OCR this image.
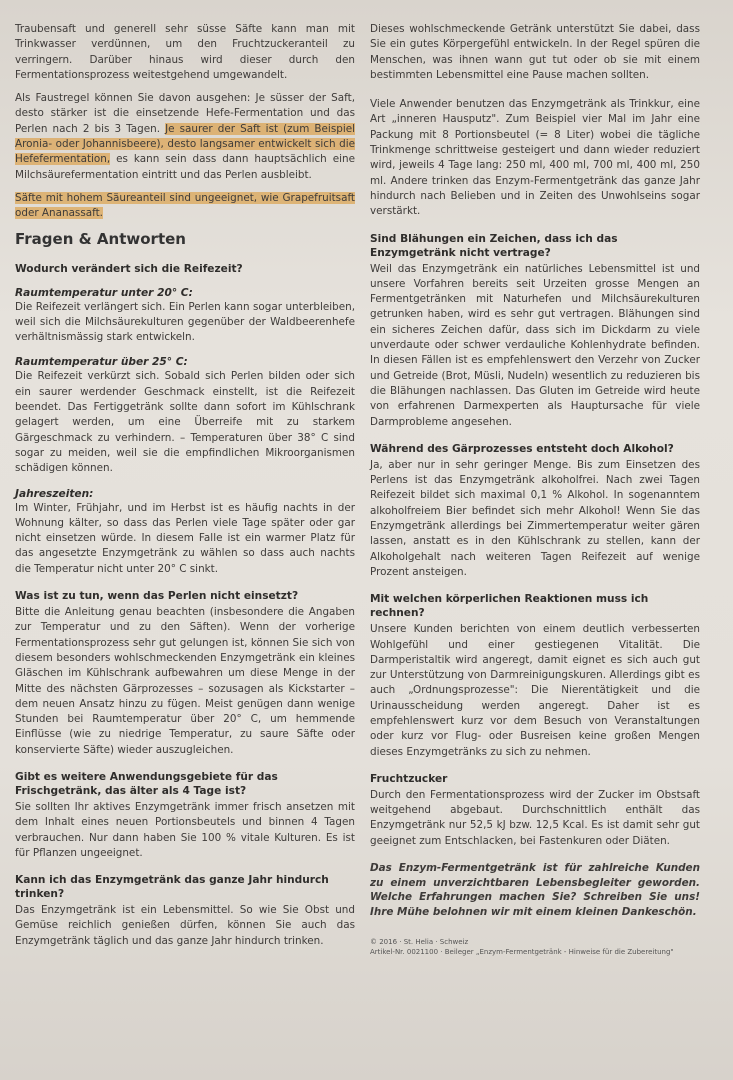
Traubensaft und generell sehr süsse Säfte kann man mit Trinkwasser verdünnen, um den Fruchtzuckeranteil zu verringern. Darüber hinaus wird dieser durch den Fermentationsprozess weitestgehend umgewandelt.

Als Faustregel können Sie davon ausgehen: Je süsser der Saft, desto stärker ist die einsetzende Hefe-Fermentation und das Perlen nach 2 bis 3 Tagen. Je saurer der Saft ist (zum Beispiel Aronia- oder Johannisbeere), desto langsamer entwickelt sich die Hefefermentation, es kann sein dass dann hauptsächlich eine Milchsäurefermentation eintritt und das Perlen ausbleibt.

Säfte mit hohem Säureanteil sind ungeeignet, wie Grapefruitsaft oder Ananassaft.

Fragen & Antworten
Wodurch verändert sich die Reifezeit?
Raumtemperatur unter 20° C:

Die Reifezeit verlängert sich. Ein Perlen kann sogar unterbleiben, weil sich die Milchsäurekulturen gegenüber der Waldbeerenhefe verhältnismässig stark entwickeln.

Raumtemperatur über 25° C:

Die Reifezeit verkürzt sich. Sobald sich Perlen bilden oder sich ein saurer werdender Geschmack einstellt, ist die Reifezeit beendet. Das Fertiggetränk sollte dann sofort im Kühlschrank gelagert werden, um eine Überreife mit zu starkem Gärgeschmack zu verhindern. – Temperaturen über 38° C sind sogar zu meiden, weil sie die empfindlichen Mikroorganismen schädigen können.

Jahreszeiten:

Im Winter, Frühjahr, und im Herbst ist es häufig nachts in der Wohnung kälter, so dass das Perlen viele Tage später oder gar nicht einsetzen würde. In diesem Falle ist ein warmer Platz für das angesetzte Enzymgetränk zu wählen so dass auch nachts die Temperatur nicht unter 20° C sinkt.

Was ist zu tun, wenn das Perlen nicht einsetzt?

Bitte die Anleitung genau beachten (insbesondere die Angaben zur Temperatur und zu den Säften). Wenn der vorherige Fermentationsprozess sehr gut gelungen ist, können Sie sich von diesem besonders wohlschmeckenden Enzymgetränk ein kleines Gläschen im Kühlschrank aufbewahren um diese Menge in der Mitte des nächsten Gärprozesses – sozusagen als Kickstarter – dem neuen Ansatz hinzu zu fügen. Meist genügen dann wenige Stunden bei Raumtemperatur über 20° C, um hemmende Einflüsse (wie zu niedrige Temperatur, zu saure Säfte oder konservierte Säfte) wieder auszugleichen.

Gibt es weitere Anwendungsgebiete für das Frischgetränk, das älter als 4 Tage ist?

Sie sollten Ihr aktives Enzymgetränk immer frisch ansetzen mit dem Inhalt eines neuen Portionsbeutels und binnen 4 Tagen verbrauchen. Nur dann haben Sie 100 % vitale Kulturen. Es ist für Pflanzen ungeeignet.

Kann ich das Enzymgetränk das ganze Jahr hindurch trinken?

Das Enzymgetränk ist ein Lebensmittel. So wie Sie Obst und Gemüse reichlich genießen dürfen, können Sie auch das Enzymgetränk täglich und das ganze Jahr hindurch trinken.

Dieses wohlschmeckende Getränk unterstützt Sie dabei, dass Sie ein gutes Körpergefühl entwickeln. In der Regel spüren die Menschen, was ihnen wann gut tut oder ob sie mit einem bestimmten Lebensmittel eine Pause machen sollten.

Viele Anwender benutzen das Enzymgetränk als Trinkkur, eine Art „inneren Hausputz". Zum Beispiel vier Mal im Jahr eine Packung mit 8 Portionsbeutel (= 8 Liter) wobei die tägliche Trinkmenge schrittweise gesteigert und dann wieder reduziert wird, jeweils 4 Tage lang: 250 ml, 400 ml, 700 ml, 400 ml, 250 ml. Andere trinken das Enzym-Fermentgetränk das ganze Jahr hindurch nach Belieben und in Zeiten des Unwohlseins sogar verstärkt.

Sind Blähungen ein Zeichen, dass ich das Enzymgetränk nicht vertrage?

Weil das Enzymgetränk ein natürliches Lebensmittel ist und unsere Vorfahren bereits seit Urzeiten grosse Mengen an Fermentgetränken mit Naturhefen und Milchsäurekulturen getrunken haben, wird es sehr gut vertragen. Blähungen sind ein sicheres Zeichen dafür, dass sich im Dickdarm zu viele unverdaute oder schwer verdauliche Kohlenhydrate befinden. In diesen Fällen ist es empfehlenswert den Verzehr von Zucker und Getreide (Brot, Müsli, Nudeln) wesentlich zu reduzieren bis die Blähungen nachlassen. Das Gluten im Getreide wird heute von erfahrenen Darmexperten als Hauptursache für viele Darmprobleme angesehen.

Während des Gärprozesses entsteht doch Alkohol?

Ja, aber nur in sehr geringer Menge. Bis zum Einsetzen des Perlens ist das Enzymgetränk alkoholfrei. Nach zwei Tagen Reifezeit bildet sich maximal 0,1 % Alkohol. In sogenanntem alkoholfreiem Bier befindet sich mehr Alkohol! Wenn Sie das Enzymgetränk allerdings bei Zimmertemperatur weiter gären lassen, anstatt es in den Kühlschrank zu stellen, kann der Alkoholgehalt nach weiteren Tagen Reifezeit auf wenige Prozent ansteigen.

Mit welchen körperlichen Reaktionen muss ich rechnen?

Unsere Kunden berichten von einem deutlich verbesserten Wohlgefühl und einer gestiegenen Vitalität. Die Darmperistaltik wird angeregt, damit eignet es sich auch gut zur Unterstützung von Darmreinigungskuren. Allerdings gibt es auch „Ordnungsprozesse": Die Nierentätigkeit und die Urinausscheidung werden angeregt. Daher ist es empfehlenswert kurz vor dem Besuch von Veranstaltungen oder kurz vor Flug- oder Busreisen keine großen Mengen dieses Enzymgetränks zu sich zu nehmen.

Fruchtzucker

Durch den Fermentationsprozess wird der Zucker im Obstsaft weitgehend abgebaut. Durchschnittlich enthält das Enzymgetränk nur 52,5 kJ bzw. 12,5 Kcal. Es ist damit sehr gut geeignet zum Entschlacken, bei Fastenkuren oder Diäten.

Das Enzym-Fermentgetränk ist für zahlreiche Kunden zu einem unverzichtbaren Lebensbegleiter geworden. Welche Erfahrungen machen Sie? Schreiben Sie uns! Ihre Mühe belohnen wir mit einem kleinen Dankeschön.

© 2016 · St. Helia · Schweiz
Artikel-Nr. 0021100 · Beileger „Enzym-Fermentgetränk - Hinweise für die Zubereitung"
